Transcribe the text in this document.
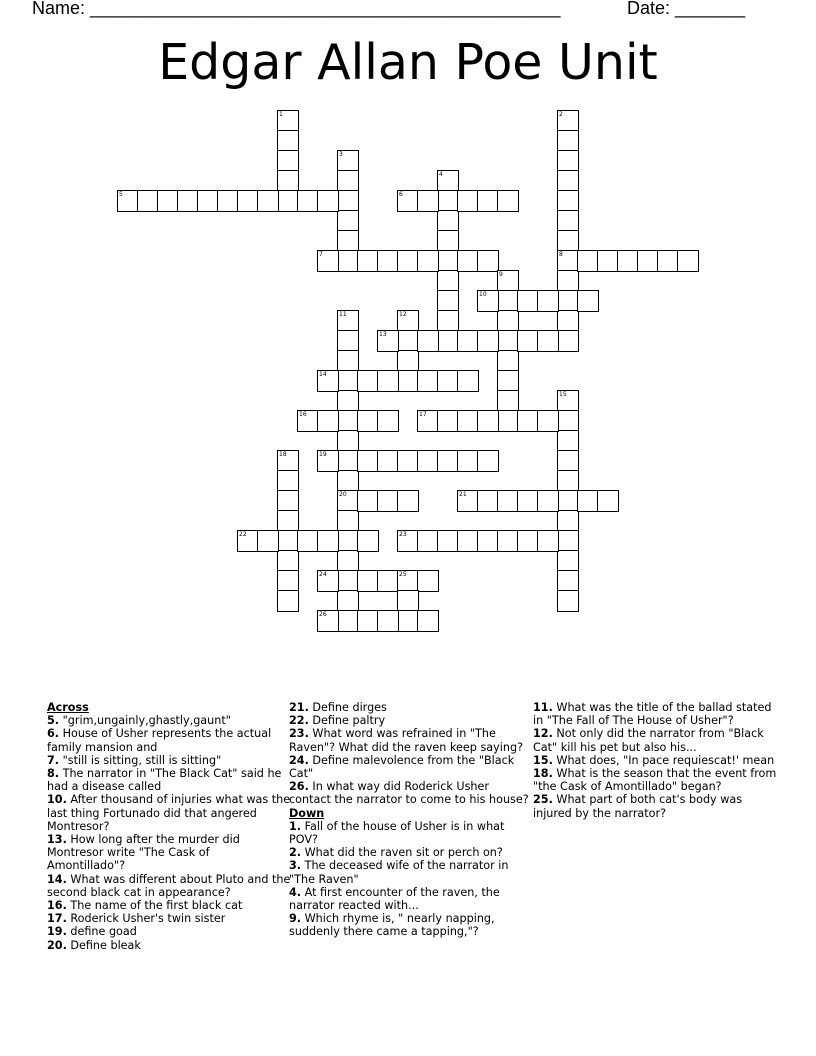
Name: _______________________________________________	Date: _______
Edgar Allan Poe Unit
1	2
8
3
4
5	6
7
9
10
11
20
12
13
14
15
16	17
18	19
21
22	23
24	25
26
Across
5. "grim,ungainly,ghastly,gaunt"
6. House of Usher represents the actual family mansion and
7. "still is sitting, still is sitting"
8. The narrator in "The Black Cat" said he had a disease called
10. After thousand of injuries what was the last thing Fortunado did that angered Montresor?
13. How long after the murder did Montresor write "The Cask of Amontillado"?
14. What was different about Pluto and the second black cat in appearance?
16. The name of the first black cat
17. Roderick Usher's twin sister
19. define goad
20. Define bleak
21. Define dirges
22. Define paltry
23. What word was refrained in "The Raven"? What did the raven keep saying?
24. Define malevolence from the "Black Cat"
26. In what way did Roderick Usher contact the narrator to come to his house?
Down
1. Fall of the house of Usher is in what POV?
2. What did the raven sit or perch on?
3. The deceased wife of the narrator in "The Raven"
4. At first encounter of the raven, the narrator reacted with...
9. Which rhyme is, " nearly napping, suddenly there came a tapping,"?
11. What was the title of the ballad stated in "The Fall of The House of Usher"?
12. Not only did the narrator from "Black Cat" kill his pet but also his...
15. What does, "In pace requiescat!' mean
18. What is the season that the event from "the Cask of Amontillado" began?
25. What part of both cat's body was injured by the narrator?
